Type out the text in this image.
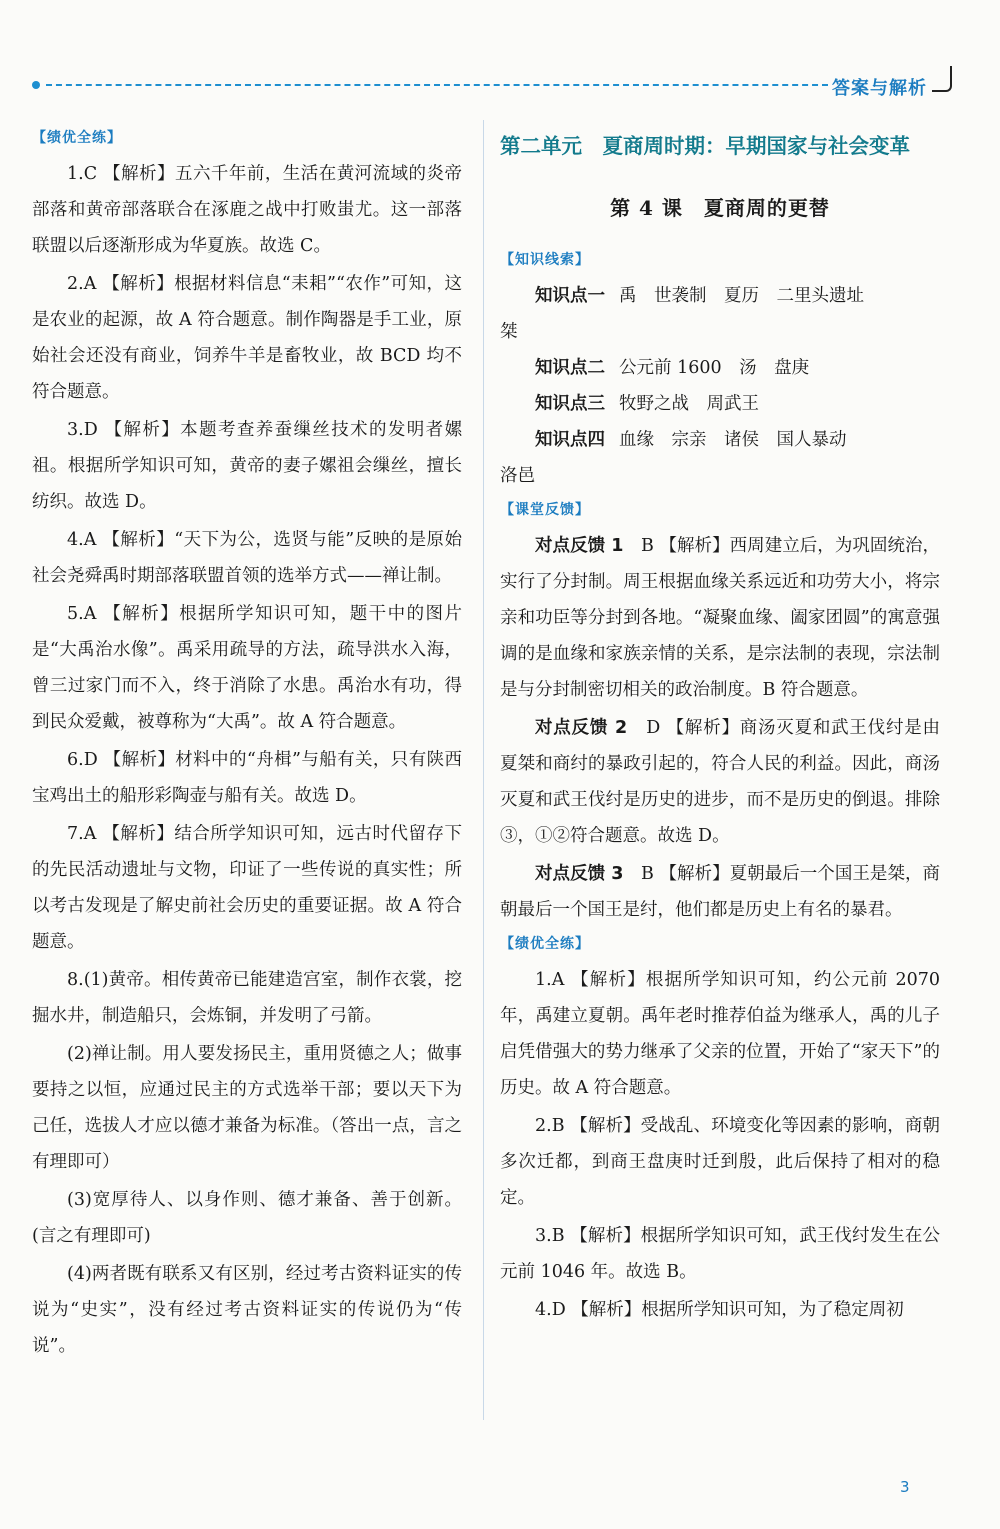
答案与解析
【绩优全练】

1.C 【解析】五六千年前，生活在黄河流域的炎帝部落和黄帝部落联合在涿鹿之战中打败蚩尤。这一部落联盟以后逐渐形成为华夏族。故选 C。

2.A 【解析】根据材料信息“耒耜”“农作”可知，这是农业的起源，故 A 符合题意。制作陶器是手工业，原始社会还没有商业，饲养牛羊是畜牧业，故 BCD 均不符合题意。

3.D 【解析】本题考查养蚕缫丝技术的发明者嫘祖。根据所学知识可知，黄帝的妻子嫘祖会缫丝，擅长纺织。故选 D。

4.A 【解析】“天下为公，选贤与能”反映的是原始社会尧舜禹时期部落联盟首领的选举方式——禅让制。

5.A 【解析】根据所学知识可知，题干中的图片是“大禹治水像”。禹采用疏导的方法，疏导洪水入海，曾三过家门而不入，终于消除了水患。禹治水有功，得到民众爱戴，被尊称为“大禹”。故 A 符合题意。

6.D 【解析】材料中的“舟楫”与船有关，只有陕西宝鸡出土的船形彩陶壶与船有关。故选 D。

7.A 【解析】结合所学知识可知，远古时代留存下的先民活动遗址与文物，印证了一些传说的真实性；所以考古发现是了解史前社会历史的重要证据。故 A 符合题意。

8.(1)黄帝。相传黄帝已能建造宫室，制作衣裳，挖掘水井，制造船只，会炼铜，并发明了弓箭。

(2)禅让制。用人要发扬民主，重用贤德之人；做事要持之以恒，应通过民主的方式选举干部；要以天下为己任，选拔人才应以德才兼备为标准。（答出一点，言之有理即可）

(3)宽厚待人、以身作则、德才兼备、善于创新。(言之有理即可)

(4)两者既有联系又有区别，经过考古资料证实的传说为“史实”，没有经过考古资料证实的传说仍为“传说”。

第二单元　夏商周时期：早期国家与社会变革
第 4 课　夏商周的更替
【知识线索】

知识点一 禹　世袭制　夏历　二里头遗址

桀

知识点二 公元前 1600　汤　盘庚

知识点三 牧野之战　周武王

知识点四 血缘　宗亲　诸侯　国人暴动

洛邑

【课堂反馈】

对点反馈 1　 B 【解析】西周建立后，为巩固统治，实行了分封制。周王根据血缘关系远近和功劳大小，将宗亲和功臣等分封到各地。“凝聚血缘、阖家团圆”的寓意强调的是血缘和家族亲情的关系，是宗法制的表现，宗法制是与分封制密切相关的政治制度。B 符合题意。

对点反馈 2　 D 【解析】商汤灭夏和武王伐纣是由夏桀和商纣的暴政引起的，符合人民的利益。因此，商汤灭夏和武王伐纣是历史的进步，而不是历史的倒退。排除③，①②符合题意。故选 D。

对点反馈 3　 B 【解析】夏朝最后一个国王是桀，商朝最后一个国王是纣，他们都是历史上有名的暴君。

【绩优全练】

1.A 【解析】根据所学知识可知，约公元前 2070 年，禹建立夏朝。禹年老时推荐伯益为继承人，禹的儿子启凭借强大的势力继承了父亲的位置，开始了“家天下”的历史。故 A 符合题意。

2.B 【解析】受战乱、环境变化等因素的影响，商朝多次迁都，到商王盘庚时迁到殷，此后保持了相对的稳定。

3.B 【解析】根据所学知识可知，武王伐纣发生在公元前 1046 年。故选 B。

4.D 【解析】根据所学知识可知，为了稳定周初

3
